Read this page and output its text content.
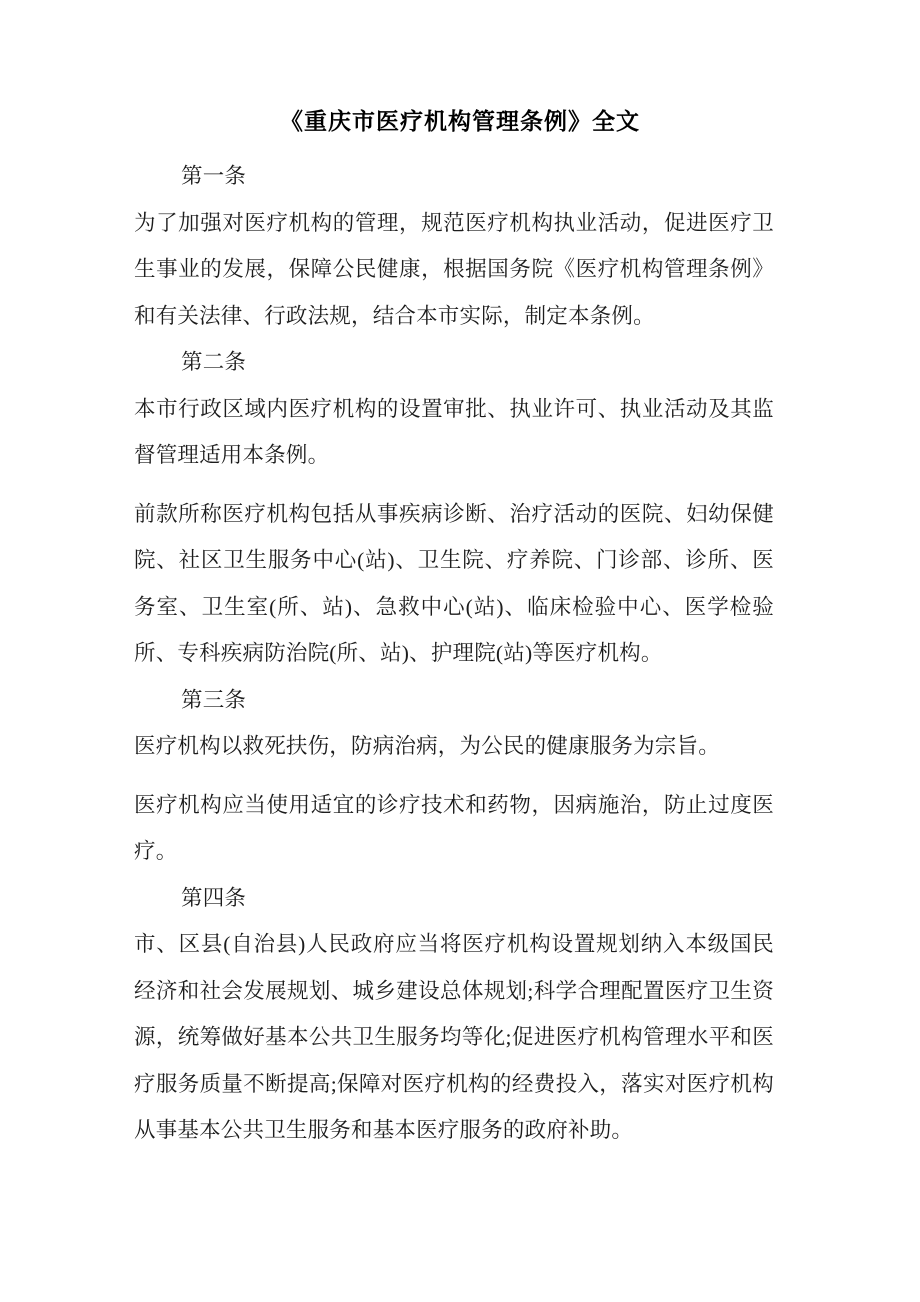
《重庆市医疗机构管理条例》全文
第一条
为了加强对医疗机构的管理，规范医疗机构执业活动，促进医疗卫
生事业的发展，保障公民健康，根据国务院《医疗机构管理条例》
和有关法律、行政法规，结合本市实际，制定本条例。
第二条
本市行政区域内医疗机构的设置审批、执业许可、执业活动及其监
督管理适用本条例。
前款所称医疗机构包括从事疾病诊断、治疗活动的医院、妇幼保健
院、社区卫生服务中心(站)、卫生院、疗养院、门诊部、诊所、医
务室、卫生室(所、站)、急救中心(站)、临床检验中心、医学检验
所、专科疾病防治院(所、站)、护理院(站)等医疗机构。
第三条
医疗机构以救死扶伤，防病治病，为公民的健康服务为宗旨。
医疗机构应当使用适宜的诊疗技术和药物，因病施治，防止过度医
疗。
第四条
市、区县(自治县)人民政府应当将医疗机构设置规划纳入本级国民
经济和社会发展规划、城乡建设总体规划;科学合理配置医疗卫生资
源，统筹做好基本公共卫生服务均等化;促进医疗机构管理水平和医
疗服务质量不断提高;保障对医疗机构的经费投入，落实对医疗机构
从事基本公共卫生服务和基本医疗服务的政府补助。
